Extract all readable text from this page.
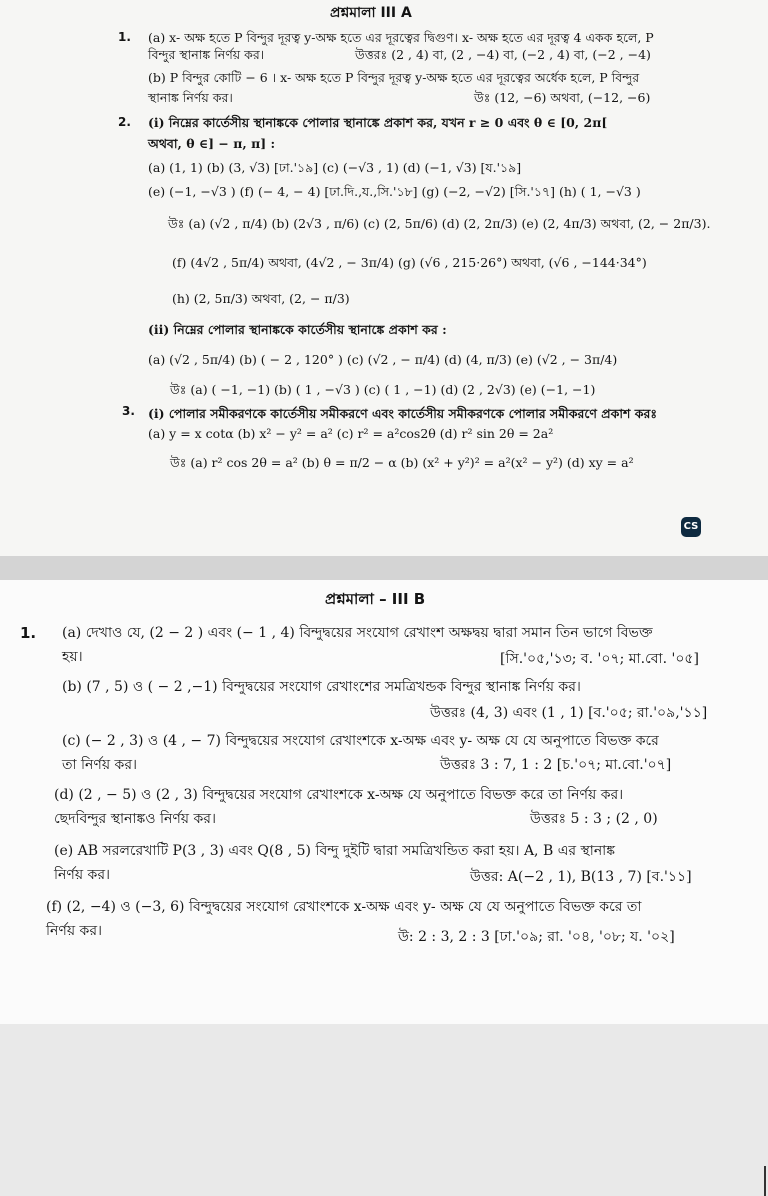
প্রশ্নমালা III A
1. (a) x- অক্ষ হতে P বিন্দুর দূরত্ব y-অক্ষ হতে এর দূরত্বের দ্বিগুণ। x- অক্ষ হতে এর দূরত্ব 4 একক হলে, P
বিন্দুর স্থানাঙ্ক নির্ণয় কর।	উত্তরঃ (2 , 4) বা, (2 , −4) বা, (−2 , 4) বা, (−2 , −4)
(b) P বিন্দুর কোটি − 6 । x- অক্ষ হতে P বিন্দুর দূরত্ব y-অক্ষ হতে এর দূরত্বের অর্ধেক হলে, P বিন্দুর
স্থানাঙ্ক নির্ণয় কর।	উঃ (12, −6) অথবা, (−12, −6)
2. (i) নিম্নের কার্তেসীয় স্থানাঙ্ককে পোলার স্থানাঙ্কে প্রকাশ কর, যখন r ≥ 0 এবং θ ∈ [0, 2π[
অথবা, θ ∈] − π, π] :
(a) (1, 1) (b) (3, √3) [ঢা.'১৯] (c) (−√3 , 1) (d) (−1, √3) [য.'১৯]
(e) (−1, −√3 ) (f) (− 4, − 4) [ঢা.দি.,য.,সি.'১৮] (g) (−2, −√2) [সি.'১৭] (h) ( 1, −√3 )
উঃ (a) (√2 , π/4) (b) (2√3 , π/6) (c) (2, 5π/6) (d) (2, 2π/3) (e) (2, 4π/3) অথবা, (2, − 2π/3).
(f) (4√2 , 5π/4) অথবা, (4√2 , − 3π/4) (g) (√6 , 215·26°) অথবা, (√6 , −144·34°)
(h) (2, 5π/3) অথবা, (2, − π/3)
(ii) নিম্নের পোলার স্থানাঙ্ককে কার্তেসীয় স্থানাঙ্কে প্রকাশ কর :
(a) (√2 , 5π/4) (b) ( − 2 , 120° ) (c) (√2 , − π/4) (d) (4, π/3) (e) (√2 , − 3π/4)
উঃ (a) ( −1, −1) (b) ( 1 , −√3 ) (c) ( 1 , −1) (d) (2 , 2√3) (e) (−1, −1)
3. (i) পোলার সমীকরণকে কার্তেসীয় সমীকরণে এবং কার্তেসীয় সমীকরণকে পোলার সমীকরণে প্রকাশ করঃ
(a) y = x cotα (b) x² − y² = a² (c) r² = a²cos2θ (d) r² sin 2θ = 2a²
উঃ (a) r² cos 2θ = a² (b) θ = π/2 − α (b) (x² + y²)² = a²(x² − y²) (d) xy = a²
CS
প্রশ্নমালা – III B
1. (a) দেখাও যে, (2 − 2 ) এবং (− 1 , 4) বিন্দুদ্বয়ের সংযোগ রেখাংশ অক্ষদ্বয় দ্বারা সমান তিন ভাগে বিভক্ত
হয়।	[সি.'০৫,'১৩; ব. '০৭; মা.বো. '০৫]
(b) (7 , 5) ও ( − 2 ,−1) বিন্দুদ্বয়ের সংযোগ রেখাংশের সমত্রিখন্ডক বিন্দুর স্থানাঙ্ক নির্ণয় কর।
উত্তরঃ (4, 3) এবং (1 , 1) [ব.'০৫; রা.'০৯,'১১]
(c) (− 2 , 3) ও (4 , − 7) বিন্দুদ্বয়ের সংযোগ রেখাংশকে x-অক্ষ এবং y- অক্ষ যে যে অনুপাতে বিভক্ত করে
তা নির্ণয় কর।	উত্তরঃ 3 : 7, 1 : 2 [চ.'০৭; মা.বো.'০৭]
(d) (2 , − 5) ও (2 , 3) বিন্দুদ্বয়ের সংযোগ রেখাংশকে x-অক্ষ যে অনুপাতে বিভক্ত করে তা নির্ণয় কর।
ছেদবিন্দুর স্থানাঙ্কও নির্ণয় কর।	উত্তরঃ 5 : 3 ; (2 , 0)
(e) AB সরলরেখাটি P(3 , 3) এবং Q(8 , 5) বিন্দু দুইটি দ্বারা সমত্রিখন্ডিত করা হয়। A, B এর স্থানাঙ্ক
নির্ণয় কর।	উত্তর: A(−2 , 1), B(13 , 7) [ব.'১১]
(f) (2, −4) ও (−3, 6) বিন্দুদ্বয়ের সংযোগ রেখাংশকে x-অক্ষ এবং y- অক্ষ যে যে অনুপাতে বিভক্ত করে তা
নির্ণয় কর।	উ: 2 : 3, 2 : 3 [ঢা.'০৯; রা. '০৪, '০৮; য. '০২]
